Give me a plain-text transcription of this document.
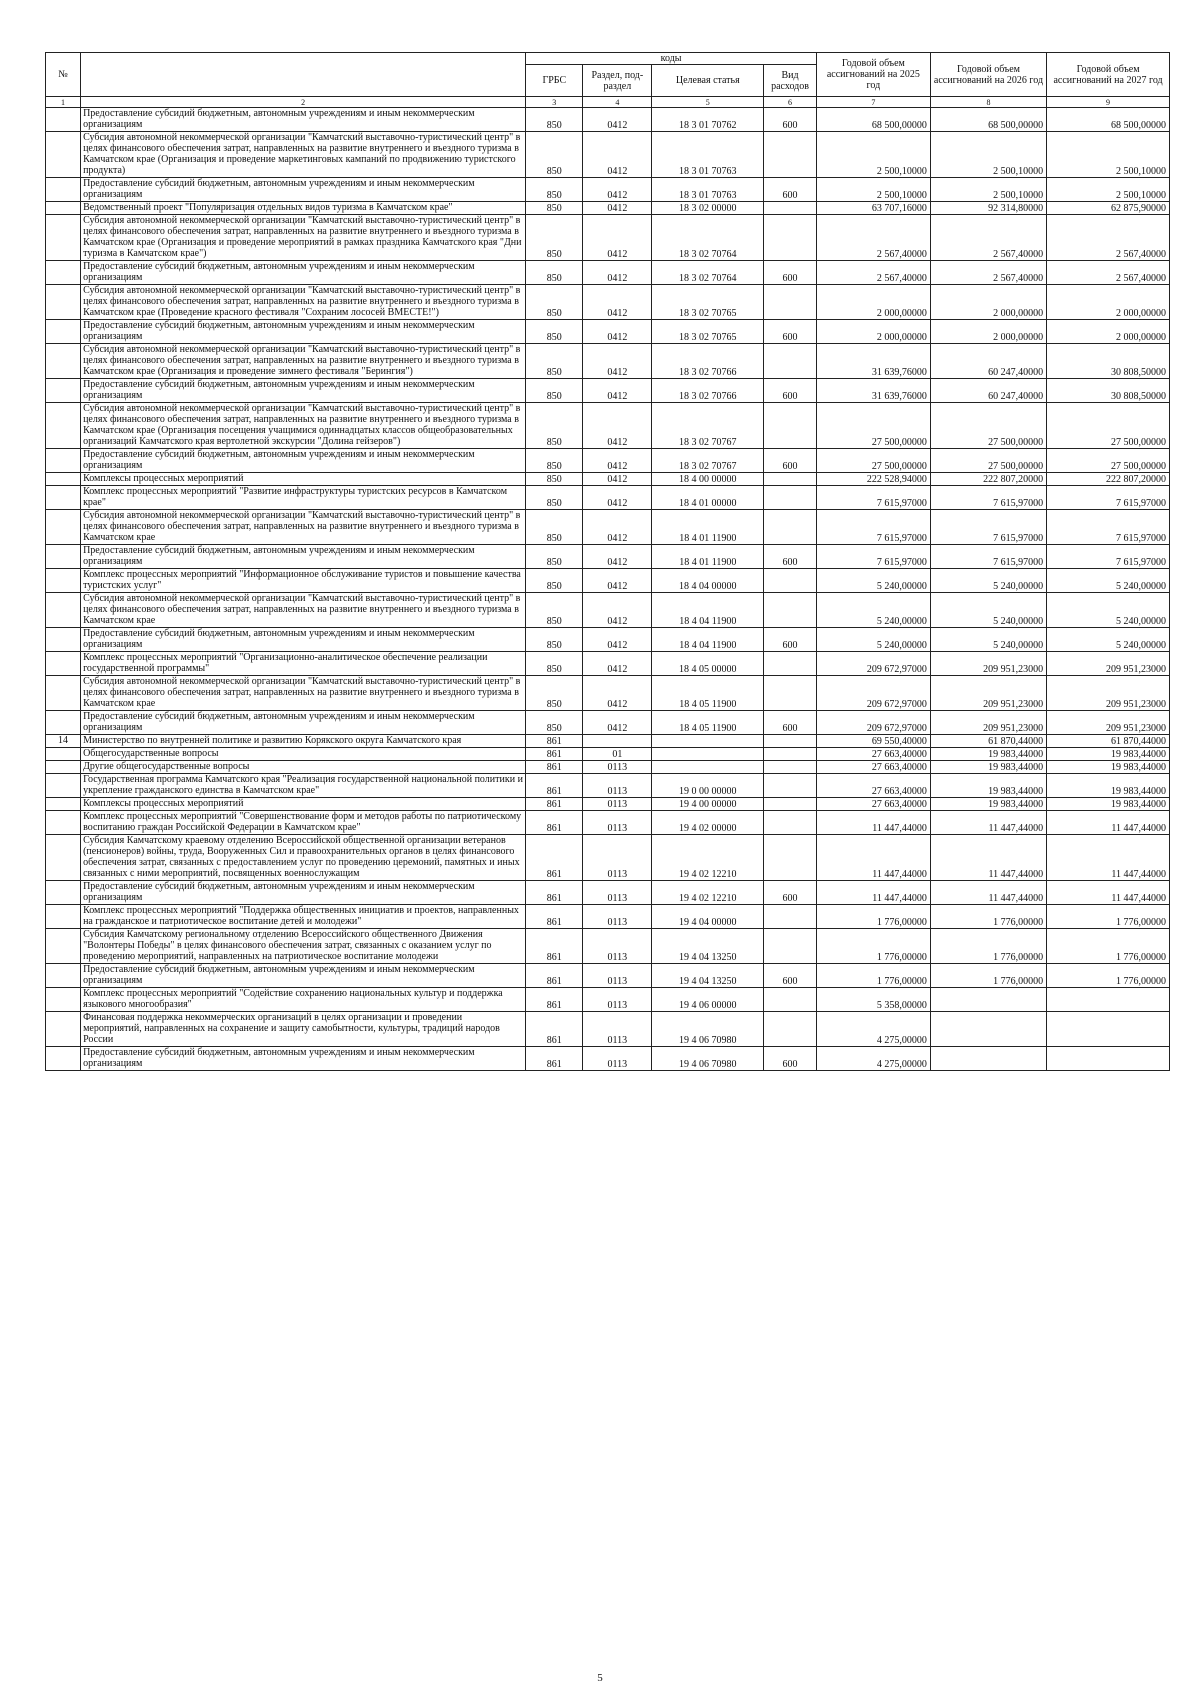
№		коды				Годовой объем ассигнований на 2025 год	Годовой объем ассигнований на 2026 год	Годовой объем ассигнований на 2027 год
		ГРБС	Раздел, под-раздел	Целевая статья	Вид расходов			
1	2	3	4	5	6	7	8	9
	Предоставление субсидий бюджетным, автономным учреждениям и иным некоммерческим организациям	850	0412	18 3 01 70762	600	68 500,00000	68 500,00000	68 500,00000
	Субсидия автономной некоммерческой организации "Камчатский выставочно-туристический центр" в целях финансового обеспечения затрат, направленных на развитие внутреннего и въездного туризма в Камчатском крае (Организация и проведение маркетинговых кампаний по продвижению туристского продукта)	850	0412	18 3 01 70763		2 500,10000	2 500,10000	2 500,10000
	Предоставление субсидий бюджетным, автономным учреждениям и иным некоммерческим организациям	850	0412	18 3 01 70763	600	2 500,10000	2 500,10000	2 500,10000
	Ведомственный проект "Популяризация отдельных видов туризма в Камчатском крае"	850	0412	18 3 02 00000		63 707,16000	92 314,80000	62 875,90000
	Субсидия автономной некоммерческой организации "Камчатский выставочно-туристический центр" в целях финансового обеспечения затрат, направленных на развитие внутреннего и въездного туризма в Камчатском крае (Организация и проведение мероприятий в рамках праздника Камчатского края "Дни туризма в Камчатском крае")	850	0412	18 3 02 70764		2 567,40000	2 567,40000	2 567,40000
	Предоставление субсидий бюджетным, автономным учреждениям и иным некоммерческим организациям	850	0412	18 3 02 70764	600	2 567,40000	2 567,40000	2 567,40000
	Субсидия автономной некоммерческой организации "Камчатский выставочно-туристический центр" в целях финансового обеспечения затрат, направленных на развитие внутреннего и въездного туризма в Камчатском крае (Проведение красного фестиваля "Сохраним лососей ВМЕСТЕ!")	850	0412	18 3 02 70765		2 000,00000	2 000,00000	2 000,00000
	Предоставление субсидий бюджетным, автономным учреждениям и иным некоммерческим организациям	850	0412	18 3 02 70765	600	2 000,00000	2 000,00000	2 000,00000
	Субсидия автономной некоммерческой организации "Камчатский выставочно-туристический центр" в целях финансового обеспечения затрат, направленных на развитие внутреннего и въездного туризма в Камчатском крае (Организация и проведение зимнего фестиваля "Берингия")	850	0412	18 3 02 70766		31 639,76000	60 247,40000	30 808,50000
	Предоставление субсидий бюджетным, автономным учреждениям и иным некоммерческим организациям	850	0412	18 3 02 70766	600	31 639,76000	60 247,40000	30 808,50000
	Субсидия автономной некоммерческой организации "Камчатский выставочно-туристический центр" в целях финансового обеспечения затрат, направленных на развитие внутреннего и въездного туризма в Камчатском крае (Организация посещения учащимися одиннадцатых классов общеобразовательных организаций Камчатского края вертолетной экскурсии "Долина гейзеров")	850	0412	18 3 02 70767		27 500,00000	27 500,00000	27 500,00000
	Предоставление субсидий бюджетным, автономным учреждениям и иным некоммерческим организациям	850	0412	18 3 02 70767	600	27 500,00000	27 500,00000	27 500,00000
	Комплексы процессных мероприятий	850	0412	18 4 00 00000		222 528,94000	222 807,20000	222 807,20000
	Комплекс процессных мероприятий "Развитие инфраструктуры туристских ресурсов в Камчатском крае"	850	0412	18 4 01 00000		7 615,97000	7 615,97000	7 615,97000
	Субсидия автономной некоммерческой организации "Камчатский выставочно-туристический центр" в целях финансового обеспечения затрат, направленных на развитие внутреннего и въездного туризма в Камчатском крае	850	0412	18 4 01 11900		7 615,97000	7 615,97000	7 615,97000
	Предоставление субсидий бюджетным, автономным учреждениям и иным некоммерческим организациям	850	0412	18 4 01 11900	600	7 615,97000	7 615,97000	7 615,97000
	Комплекс процессных мероприятий "Информационное обслуживание туристов и повышение качества туристских услуг"	850	0412	18 4 04 00000		5 240,00000	5 240,00000	5 240,00000
	Субсидия автономной некоммерческой организации "Камчатский выставочно-туристический центр" в целях финансового обеспечения затрат, направленных на развитие внутреннего и въездного туризма в Камчатском крае	850	0412	18 4 04 11900		5 240,00000	5 240,00000	5 240,00000
	Предоставление субсидий бюджетным, автономным учреждениям и иным некоммерческим организациям	850	0412	18 4 04 11900	600	5 240,00000	5 240,00000	5 240,00000
	Комплекс процессных мероприятий "Организационно-аналитическое обеспечение реализации государственной программы"	850	0412	18 4 05 00000		209 672,97000	209 951,23000	209 951,23000
	Субсидия автономной некоммерческой организации "Камчатский выставочно-туристический центр" в целях финансового обеспечения затрат, направленных на развитие внутреннего и въездного туризма в Камчатском крае	850	0412	18 4 05 11900		209 672,97000	209 951,23000	209 951,23000
	Предоставление субсидий бюджетным, автономным учреждениям и иным некоммерческим организациям	850	0412	18 4 05 11900	600	209 672,97000	209 951,23000	209 951,23000
14	Министерство по внутренней политике и развитию Корякского округа Камчатского края	861				69 550,40000	61 870,44000	61 870,44000
	Общегосударственные вопросы	861	01			27 663,40000	19 983,44000	19 983,44000
	Другие общегосударственные вопросы	861	0113			27 663,40000	19 983,44000	19 983,44000
	Государственная программа Камчатского края "Реализация государственной национальной политики и укрепление гражданского единства в Камчатском крае"	861	0113	19 0 00 00000		27 663,40000	19 983,44000	19 983,44000
	Комплексы процессных мероприятий	861	0113	19 4 00 00000		27 663,40000	19 983,44000	19 983,44000
	Комплекс процессных мероприятий "Совершенствование форм и методов работы по патриотическому воспитанию граждан Российской Федерации в Камчатском крае"	861	0113	19 4 02 00000		11 447,44000	11 447,44000	11 447,44000
	Субсидия Камчатскому краевому отделению Всероссийской общественной организации ветеранов (пенсионеров) войны, труда, Вооруженных Сил и правоохранительных органов в целях финансового обеспечения затрат, связанных с предоставлением услуг по проведению церемоний, памятных и иных связанных с ними мероприятий, посвященных военнослужащим	861	0113	19 4 02 12210		11 447,44000	11 447,44000	11 447,44000
	Предоставление субсидий бюджетным, автономным учреждениям и иным некоммерческим организациям	861	0113	19 4 02 12210	600	11 447,44000	11 447,44000	11 447,44000
	Комплекс процессных мероприятий "Поддержка общественных инициатив и проектов, направленных на гражданское и патриотическое воспитание детей и молодежи"	861	0113	19 4 04 00000		1 776,00000	1 776,00000	1 776,00000
	Субсидия Камчатскому региональному отделению Всероссийского общественного Движения "Волонтеры Победы" в целях финансового обеспечения затрат, связанных с оказанием услуг по проведению мероприятий, направленных на патриотическое воспитание молодежи	861	0113	19 4 04 13250		1 776,00000	1 776,00000	1 776,00000
	Предоставление субсидий бюджетным, автономным учреждениям и иным некоммерческим организациям	861	0113	19 4 04 13250	600	1 776,00000	1 776,00000	1 776,00000
	Комплекс процессных мероприятий "Содействие сохранению национальных культур и поддержка языкового многообразия"	861	0113	19 4 06 00000		5 358,00000		
	Финансовая поддержка некоммерческих организаций в целях организации и проведении мероприятий, направленных на сохранение и защиту самобытности, культуры, традиций народов России	861	0113	19 4 06 70980		4 275,00000		
	Предоставление субсидий бюджетным, автономным учреждениям и иным некоммерческим организациям	861	0113	19 4 06 70980	600	4 275,00000		
5
